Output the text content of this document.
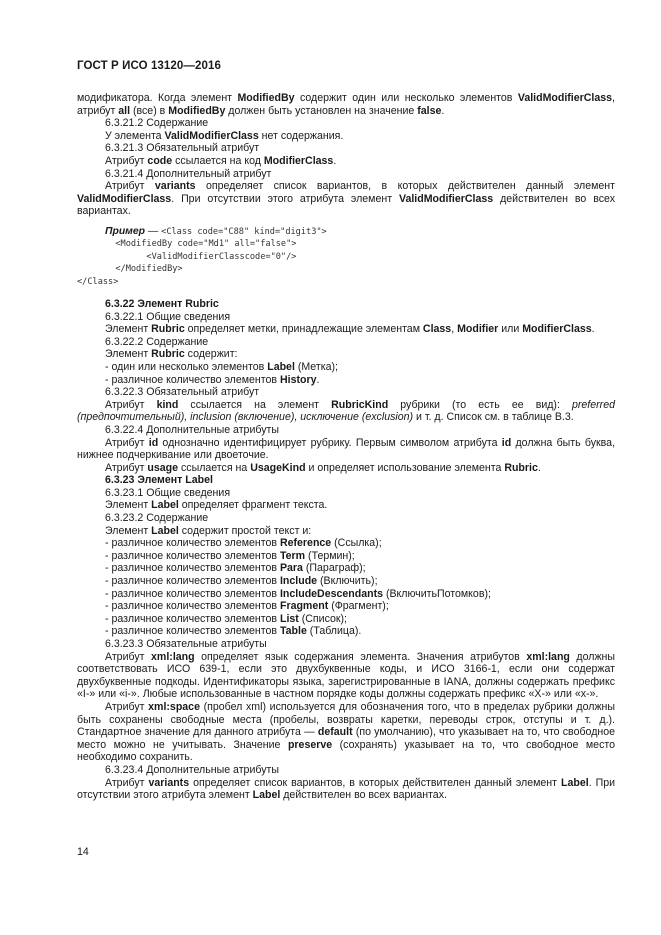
ГОСТ Р ИСО 13120—2016

модификатора. Когда элемент ModifiedBy содержит один или несколько элементов ValidModifierClass, атрибут all (все) в ModifiedBy должен быть установлен на значение false.

6.3.21.2 Содержание

У элемента ValidModifierClass нет содержания.

6.3.21.3 Обязательный атрибут

Атрибут code ссылается на код ModifierClass.

6.3.21.4 Дополнительный атрибут

Атрибут variants определяет список вариантов, в которых действителен данный элемент ValidModifierClass. При отсутствии этого атрибута элемент ValidModifierClass действителен во всех вариантах.

Пример — <Class code="C88" kind="digit3">
<ModifiedBy code="Md1" all="false">
<ValidModifierClasscode="0"/>
</ModifiedBy>
</Class>

6.3.22 Элемент Rubric

6.3.22.1 Общие сведения

Элемент Rubric определяет метки, принадлежащие элементам Class, Modifier или ModifierClass.

6.3.22.2 Содержание

Элемент Rubric содержит:

- один или несколько элементов Label (Метка);

- различное количество элементов History.

6.3.22.3 Обязательный атрибут

Атрибут kind ссылается на элемент RubricKind рубрики (то есть ее вид): preferred (предпочтительный), inclusion (включение), исключение (exclusion) и т. д. Список см. в таблице В.3.

6.3.22.4 Дополнительные атрибуты

Атрибут id однозначно идентифицирует рубрику. Первым символом атрибута id должна быть буква, нижнее подчеркивание или двоеточие.

Атрибут usage ссылается на UsageKind и определяет использование элемента Rubric.

6.3.23 Элемент Label

6.3.23.1 Общие сведения

Элемент Label определяет фрагмент текста.

6.3.23.2 Содержание

Элемент Label содержит простой текст и:

- различное количество элементов Reference (Ссылка);

- различное количество элементов Term (Термин);

- различное количество элементов Para (Параграф);

- различное количество элементов Include (Включить);

- различное количество элементов IncludeDescendants (ВключитьПотомков);

- различное количество элементов Fragment (Фрагмент);

- различное количество элементов List (Список);

- различное количество элементов Table (Таблица).

6.3.23.3 Обязательные атрибуты

Атрибут xml:lang определяет язык содержания элемента. Значения атрибутов xml:lang должны соответствовать ИСО 639-1, если это двухбуквенные коды, и ИСО 3166-1, если они содержат двухбуквенные подкоды. Идентификаторы языка, зарегистрированные в IANA, должны содержать префикс «I-» или «i-». Любые использованные в частном порядке коды должны содержать префикс «X-» или «x-».

Атрибут xml:space (пробел xml) используется для обозначения того, что в пределах рубрики должны быть сохранены свободные места (пробелы, возвраты каретки, переводы строк, отступы и т. д.). Стандартное значение для данного атрибута — default (по умолчанию), что указывает на то, что свободное место можно не учитывать. Значение preserve (сохранять) указывает на то, что свободное место необходимо сохранить.

6.3.23.4 Дополнительные атрибуты

Атрибут variants определяет список вариантов, в которых действителен данный элемент Label. При отсутствии этого атрибута элемент Label действителен во всех вариантах.

14
